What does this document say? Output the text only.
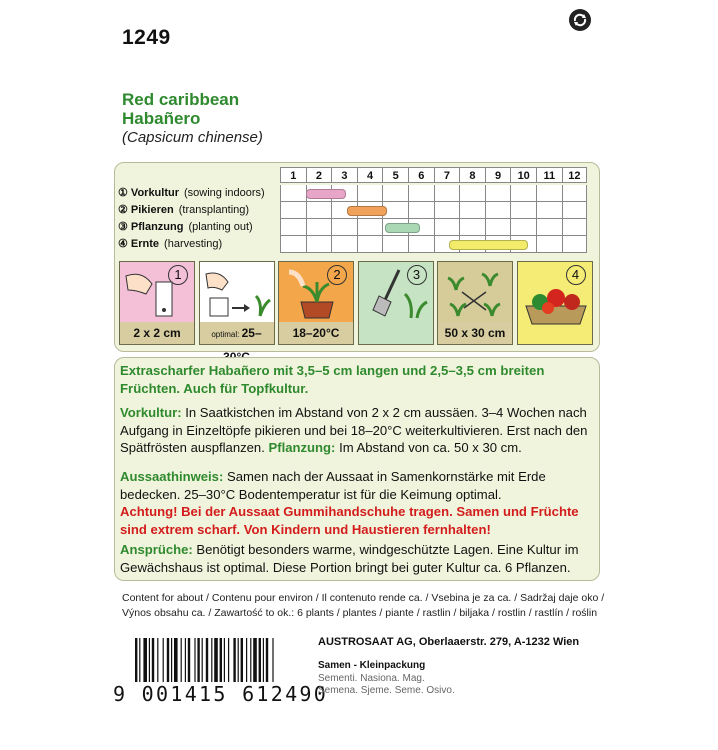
1249
Red caribbean
Habañero
(Capsicum chinense)
1	2	3	4	5	6	7	8	9	10	11	12
① Vorkultur (sowing indoors)
② Pikieren (transplanting)
③ Pflanzung (planting out)
④ Ernte (harvesting)
1
2 x 2 cm	optimal: 25–
2
18–20°C
3
50 x 30 cm
4
Extrascharfer Habañero mit 3,5–5 cm langen und 2,5–3,5 cm breiten Früchten. Auch für Topfkultur.
Vorkultur: In Saatkistchen im Abstand von 2 x 2 cm aussäen. 3–4 Wochen nach Aufgang in Einzeltöpfe pikieren und bei 18–20°C weiterkultivieren. Erst nach den Spätfrösten auspflanzen. Pflanzung: Im Abstand von ca. 50 x 30 cm.
Aussaathinweis: Samen nach der Aussaat in Samenkornstärke mit Erde bedecken. 25–30°C Bodentemperatur ist für die Keimung optimal.
Achtung! Bei der Aussaat Gummihandschuhe tragen. Samen und Früchte sind extrem scharf. Von Kindern und Haustieren fernhalten!
Ansprüche: Benötigt besonders warme, windgeschützte Lagen. Eine Kultur im Gewächshaus ist optimal. Diese Portion bringt bei guter Kultur ca. 6 Pflanzen.
Content for about / Contenu pour environ / Il contenuto rende ca. / Vsebina je za ca. / Sadržaj daje oko /
Výnos obsahu ca. / Zawartość to ok.: 6 plants / plantes / piante / rastlin / biljaka / rostlin / rastlín / roślin
9 001415 612490
AUSTROSAAT AG, Oberlaaerstr. 279, A-1232 Wien
Samen - Kleinpackung
Sementi. Nasiona. Mag.
Semena. Sjeme. Seme. Osivo.
